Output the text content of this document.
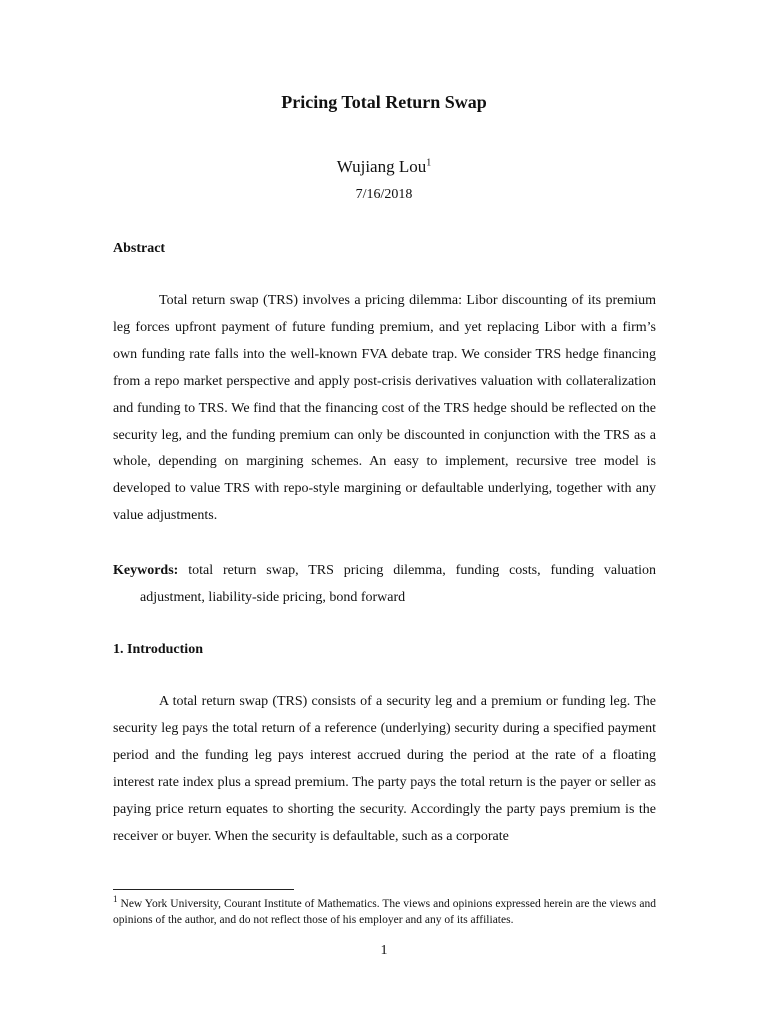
Pricing Total Return Swap
Wujiang Lou$^1$
7/16/2018
Abstract

Total return swap (TRS) involves a pricing dilemma: Libor discounting of its premium leg forces upfront payment of future funding premium, and yet replacing Libor with a firm’s own funding rate falls into the well-known FVA debate trap. We consider TRS hedge financing from a repo market perspective and apply post-crisis derivatives valuation with collateralization and funding to TRS. We find that the financing cost of the TRS hedge should be reflected on the security leg, and the funding premium can only be discounted in conjunction with the TRS as a whole, depending on margining schemes. An easy to implement, recursive tree model is developed to value TRS with repo-style margining or defaultable underlying, together with any value adjustments.

Keywords: total return swap, TRS pricing dilemma, funding costs, funding valuation adjustment, liability-side pricing, bond forward
1. Introduction

A total return swap (TRS) consists of a security leg and a premium or funding leg. The security leg pays the total return of a reference (underlying) security during a specified payment period and the funding leg pays interest accrued during the period at the rate of a floating interest rate index plus a spread premium. The party pays the total return is the payer or seller as paying price return equates to shorting the security. Accordingly the party pays premium is the receiver or buyer. When the security is defaultable, such as a corporate

$^1$ New York University, Courant Institute of Mathematics. The views and opinions expressed herein are the views and opinions of the author, and do not reflect those of his employer and any of its affiliates.
1
